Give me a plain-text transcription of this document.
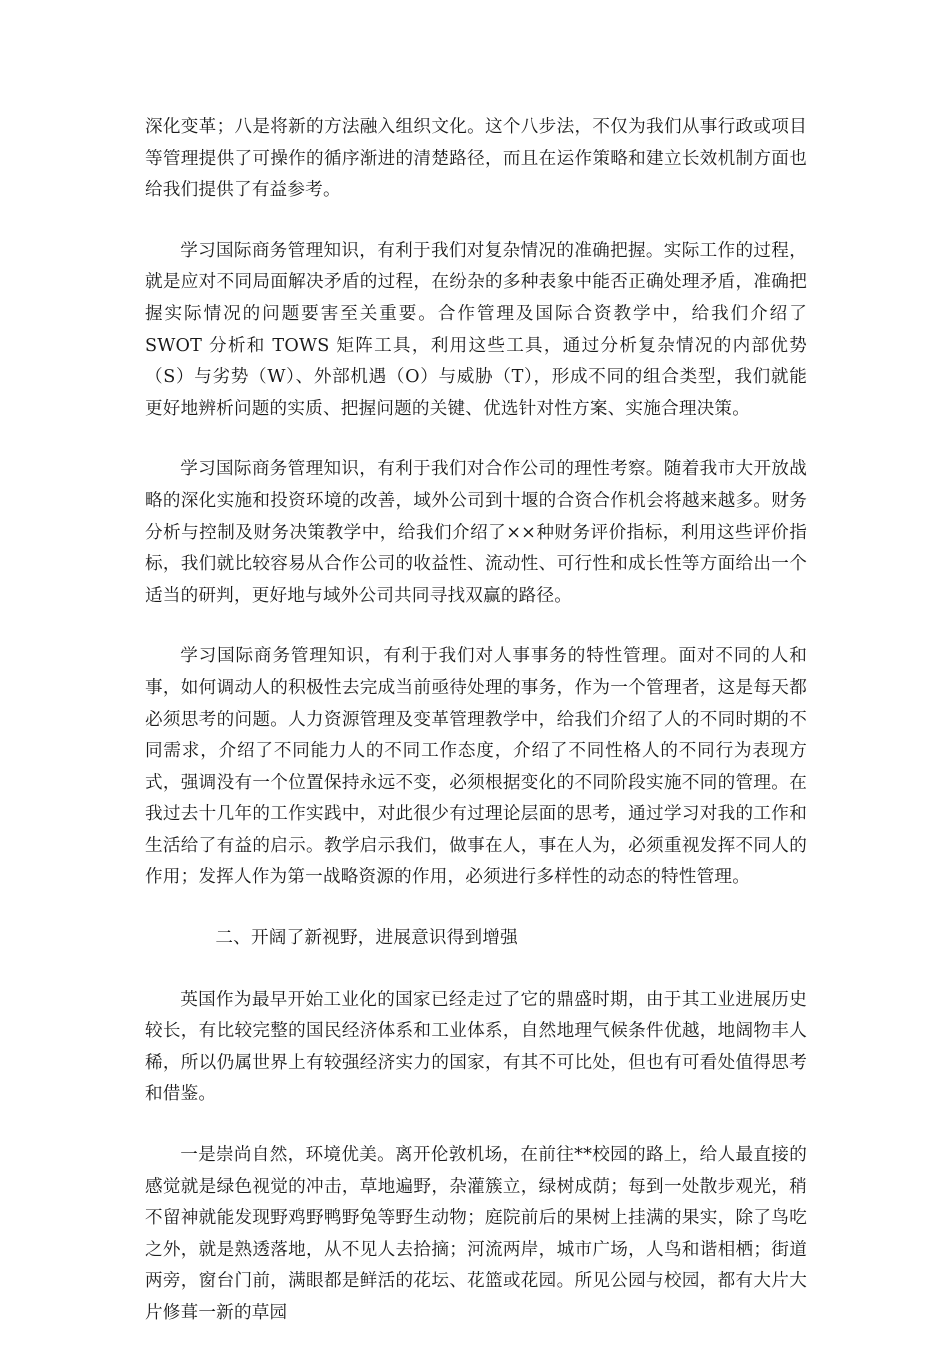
深化变革；八是将新的方法融入组织文化。这个八步法，不仅为我们从事行政或项目等管理提供了可操作的循序渐进的清楚路径，而且在运作策略和建立长效机制方面也给我们提供了有益参考。

学习国际商务管理知识，有利于我们对复杂情况的准确把握。实际工作的过程，就是应对不同局面解决矛盾的过程，在纷杂的多种表象中能否正确处理矛盾，准确把握实际情况的问题要害至关重要。合作管理及国际合资教学中，给我们介绍了 SWOT 分析和 TOWS 矩阵工具，利用这些工具，通过分析复杂情况的内部优势（S）与劣势（W）、外部机遇（O）与威胁（T），形成不同的组合类型，我们就能更好地辨析问题的实质、把握问题的关键、优选针对性方案、实施合理决策。

学习国际商务管理知识，有利于我们对合作公司的理性考察。随着我市大开放战略的深化实施和投资环境的改善，域外公司到十堰的合资合作机会将越来越多。财务分析与控制及财务决策教学中，给我们介绍了××种财务评价指标，利用这些评价指标，我们就比较容易从合作公司的收益性、流动性、可行性和成长性等方面给出一个适当的研判，更好地与域外公司共同寻找双赢的路径。

学习国际商务管理知识，有利于我们对人事事务的特性管理。面对不同的人和事，如何调动人的积极性去完成当前亟待处理的事务，作为一个管理者，这是每天都必须思考的问题。人力资源管理及变革管理教学中，给我们介绍了人的不同时期的不同需求，介绍了不同能力人的不同工作态度，介绍了不同性格人的不同行为表现方式，强调没有一个位置保持永远不变，必须根据变化的不同阶段实施不同的管理。在我过去十几年的工作实践中，对此很少有过理论层面的思考，通过学习对我的工作和生活给了有益的启示。教学启示我们，做事在人，事在人为，必须重视发挥不同人的作用；发挥人作为第一战略资源的作用，必须进行多样性的动态的特性管理。

二、开阔了新视野，进展意识得到增强

英国作为最早开始工业化的国家已经走过了它的鼎盛时期，由于其工业进展历史较长，有比较完整的国民经济体系和工业体系，自然地理气候条件优越，地阔物丰人稀，所以仍属世界上有较强经济实力的国家，有其不可比处，但也有可看处值得思考和借鉴。

一是崇尚自然，环境优美。离开伦敦机场，在前往**校园的路上，给人最直接的感觉就是绿色视觉的冲击，草地遍野，杂灌簇立，绿树成荫；每到一处散步观光，稍不留神就能发现野鸡野鸭野兔等野生动物；庭院前后的果树上挂满的果实，除了鸟吃之外，就是熟透落地，从不见人去拾摘；河流两岸，城市广场，人鸟和谐相栖；街道两旁，窗台门前，满眼都是鲜活的花坛、花篮或花园。所见公园与校园，都有大片大片修葺一新的草园
